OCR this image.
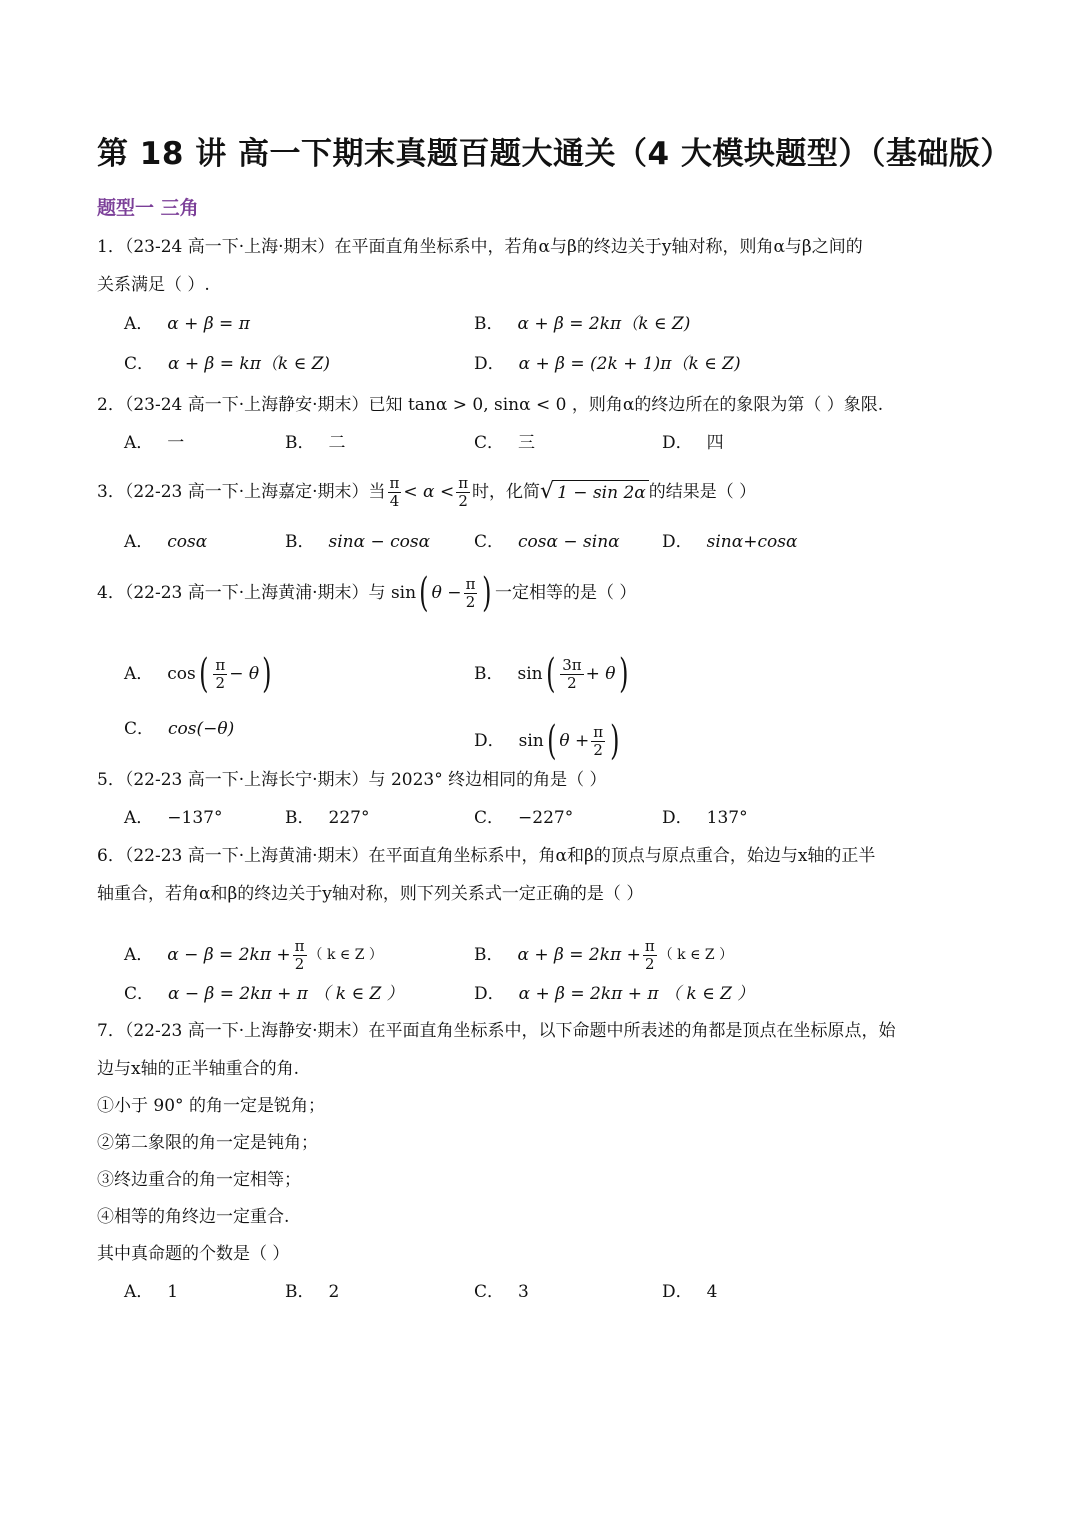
第 18 讲 高一下期末真题百题大通关（4 大模块题型）（基础版）
题型一 三角
1．（23-24 高一下·上海·期末）在平面直角坐标系中，若角α与β的终边关于y轴对称，则角α与β之间的
关系满足（ ）.
A． α + β = π	B． α + β = 2kπ（k ∈ Z)
C． α + β = kπ（k ∈ Z)	D． α + β = (2k + 1)π（k ∈ Z)
2．（23-24 高一下·上海静安·期末）已知 tanα > 0, sinα < 0 ，则角α的终边所在的象限为第（ ）象限.
A． 一	B． 二	C． 三	D． 四
3．（22-23 高一下·上海嘉定·期末）当 $\frac{\pi}{4} < \alpha < \frac{\pi}{2}$ 时，化简 √ 1 − sin 2α 的结果是（ ）
A． cosα	B． sinα − cosα	C． cosα − sinα D． sinα+cosα
4．（22-23 高一下·上海黄浦·期末）与 sin ( $\theta - \frac{\pi}{2}$ ) 一定相等的是（ ）
A． cos ( $\frac{\pi}{2} - \theta$ )	B． sin ( $\frac{3\pi}{2} + \theta$ )
C． cos(−θ)
D． sin ( $\theta + \frac{\pi}{2}$ )
5．（22-23 高一下·上海长宁·期末）与 2023° 终边相同的角是（ ）
A． −137°	B． 227°	C． −227°	D． 137°
6．（22-23 高一下·上海黄浦·期末）在平面直角坐标系中，角α和β的顶点与原点重合，始边与x轴的正半
轴重合，若角α和β的终边关于y轴对称，则下列关系式一定正确的是（ ）
A． $\alpha - \beta = 2k\pi + \frac{\pi}{2}$ （ k ∈ Z ）	B． $\alpha + \beta = 2k\pi + \frac{\pi}{2}$ （ k ∈ Z ）
C． α − β = 2kπ + π （ k ∈ Z ）	D． α + β = 2kπ + π （ k ∈ Z ）
7．（22-23 高一下·上海静安·期末）在平面直角坐标系中，以下命题中所表述的角都是顶点在坐标原点，始
边与x轴的正半轴重合的角.
①小于 90° 的角一定是锐角；
②第二象限的角一定是钝角；
③终边重合的角一定相等；
④相等的角终边一定重合.
其中真命题的个数是（ ）
A． 1	B． 2	C． 3	D． 4
